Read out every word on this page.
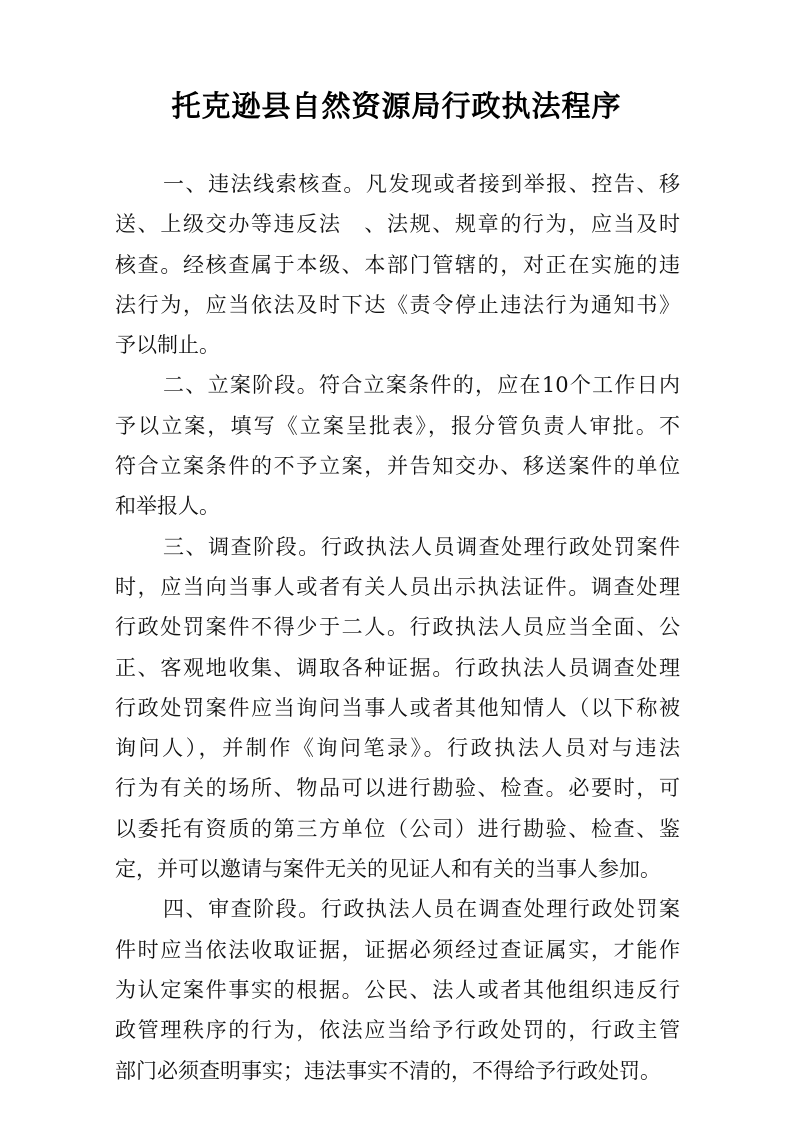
托克逊县自然资源局行政执法程序
一、违法线索核查。凡发现或者接到举报、控告、移
送、上级交办等违反法　、法规、规章的行为，应当及时
核查。经核查属于本级、本部门管辖的，对正在实施的违
法行为，应当依法及时下达《责令停止违法行为通知书》
予以制止。
二、立案阶段。符合立案条件的，应在10个工作日内
予以立案，填写《立案呈批表》，报分管负责人审批。不
符合立案条件的不予立案，并告知交办、移送案件的单位
和举报人。
三、调查阶段。行政执法人员调查处理行政处罚案件
时，应当向当事人或者有关人员出示执法证件。调查处理
行政处罚案件不得少于二人。行政执法人员应当全面、公
正、客观地收集、调取各种证据。行政执法人员调查处理
行政处罚案件应当询问当事人或者其他知情人（以下称被
询问人），并制作《询问笔录》。行政执法人员对与违法
行为有关的场所、物品可以进行勘验、检查。必要时，可
以委托有资质的第三方单位（公司）进行勘验、检查、鉴
定，并可以邀请与案件无关的见证人和有关的当事人参加。
四、审查阶段。行政执法人员在调查处理行政处罚案
件时应当依法收取证据，证据必须经过查证属实，才能作
为认定案件事实的根据。公民、法人或者其他组织违反行
政管理秩序的行为，依法应当给予行政处罚的，行政主管
部门必须查明事实；违法事实不清的，不得给予行政处罚。
